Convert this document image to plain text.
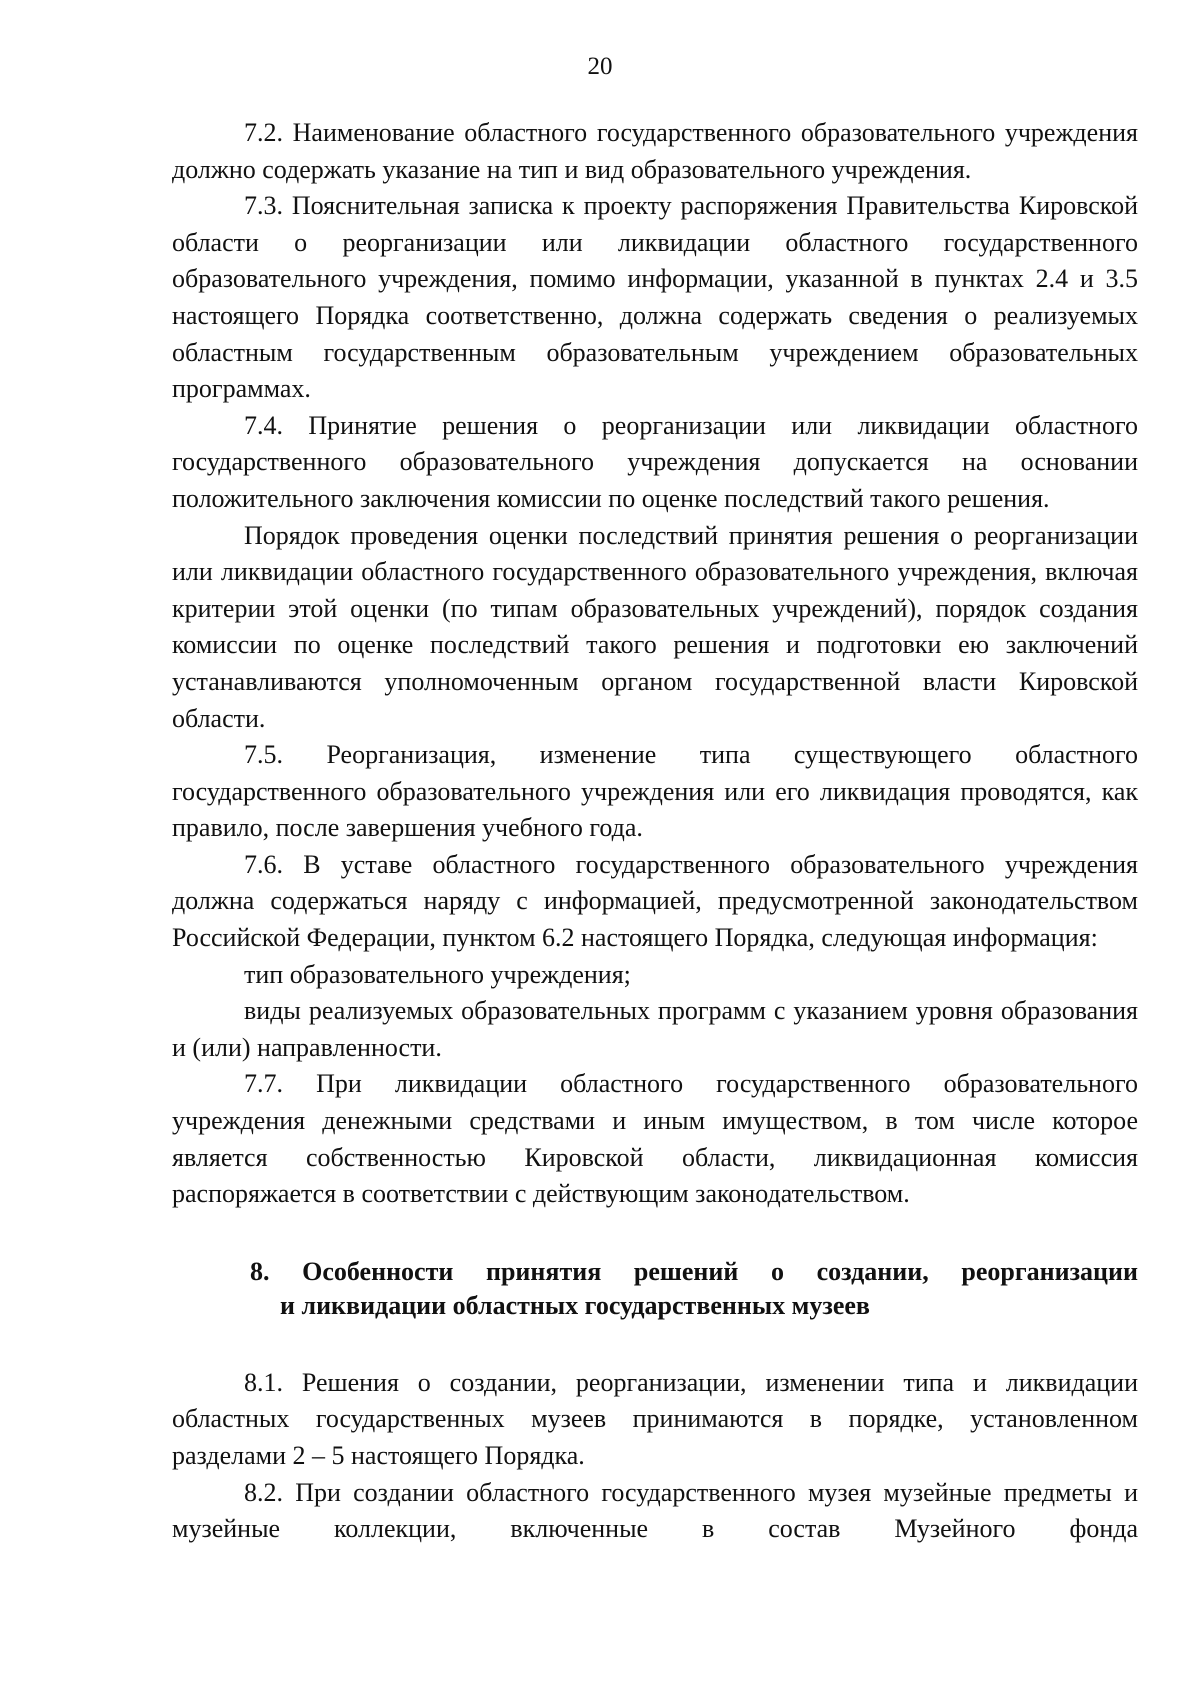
20

7.2. Наименование областного государственного образовательного учреждения должно содержать указание на тип и вид образовательного учреждения.

7.3. Пояснительная записка к проекту распоряжения Правительства Кировской области о реорганизации или ликвидации областного государственного образовательного учреждения, помимо информации, указанной в пунктах 2.4 и 3.5 настоящего Порядка соответственно, должна содержать сведения о реализуемых областным государственным образовательным учреждением образовательных программах.

7.4. Принятие решения о реорганизации или ликвидации областного государственного образовательного учреждения допускается на основании положительного заключения комиссии по оценке последствий такого решения.

Порядок проведения оценки последствий принятия решения о реорганизации или ликвидации областного государственного образовательного учреждения, включая критерии этой оценки (по типам образовательных учреждений), порядок создания комиссии по оценке последствий такого решения и подготовки ею заключений устанавливаются уполномоченным органом государственной власти Кировской области.

7.5. Реорганизация, изменение типа существующего областного государственного образовательного учреждения или его ликвидация проводятся, как правило, после завершения учебного года.

7.6. В уставе областного государственного образовательного учреждения должна содержаться наряду с информацией, предусмотренной законодательством Российской Федерации, пунктом 6.2 настоящего Порядка, следующая информация:

тип образовательного учреждения;

виды реализуемых образовательных программ с указанием уровня образования и (или) направленности.

7.7. При ликвидации областного государственного образовательного учреждения денежными средствами и иным имуществом, в том числе которое является собственностью Кировской области, ликвидационная комиссия распоряжается в соответствии с действующим законодательством.

8. Особенности принятия решений о создании, реорганизации
и ликвидации областных государственных музеев

8.1. Решения о создании, реорганизации, изменении типа и ликвидации областных государственных музеев принимаются в порядке, установленном разделами 2 – 5 настоящего Порядка.

8.2. При создании областного государственного музея музейные предметы и музейные коллекции, включенные в состав Музейного фонда
